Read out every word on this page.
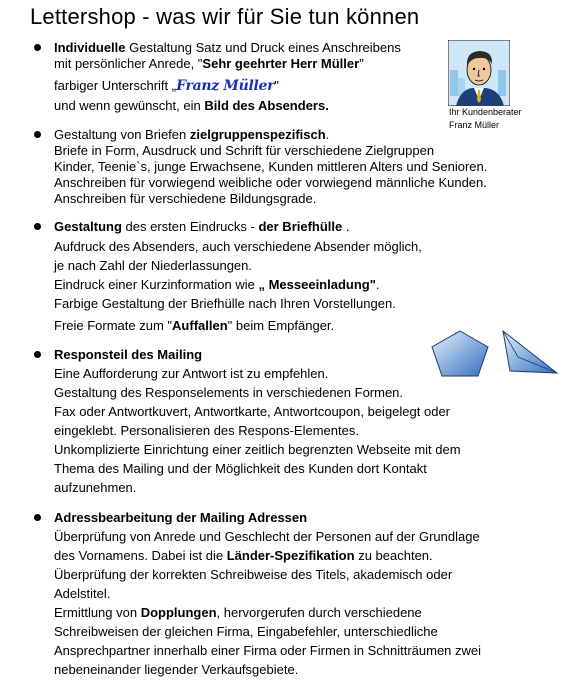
Lettershop - was wir für Sie tun können
Individuelle Gestaltung Satz und Druck eines Anschreibens
mit persönlicher Anrede, "Sehr geehrter Herr Müller"
farbiger Unterschrift „Franz Müller"
und wenn gewünscht, ein Bild des Absenders.	Ihr Kundenberater
Franz Müller
Gestaltung von Briefen zielgruppenspezifisch.
Briefe in Form, Ausdruck und Schrift für verschiedene Zielgruppen
Kinder, Teenie`s, junge Erwachsene, Kunden mittleren Alters und Senioren.
Anschreiben für vorwiegend weibliche oder vorwiegend männliche Kunden.
Anschreiben für verschiedene Bildungsgrade.
Gestaltung des ersten Eindrucks - der Briefhülle .
Aufdruck des Absenders, auch verschiedene Absender möglich,
je nach Zahl der Niederlassungen.
Eindruck einer Kurzinformation wie „ Messeeinladung".
Farbige Gestaltung der Briefhülle nach Ihren Vorstellungen.
Freie Formate zum "Auffallen" beim Empfänger.
Responsteil des Mailing
Eine Aufforderung zur Antwort ist zu empfehlen.
Gestaltung des Responselements in verschiedenen Formen.
Fax oder Antwortkuvert, Antwortkarte, Antwortcoupon, beigelegt oder
eingeklebt. Personalisieren des Respons-Elementes.
Unkomplizierte Einrichtung einer zeitlich begrenzten Webseite mit dem
Thema des Mailing und der Möglichkeit des Kunden dort Kontakt
aufzunehmen.
Adressbearbeitung der Mailing Adressen
Überprüfung von Anrede und Geschlecht der Personen auf der Grundlage
des Vornamens. Dabei ist die Länder-Spezifikation zu beachten.
Überprüfung der korrekten Schreibweise des Titels, akademisch oder
Adelstitel.
Ermittlung von Dopplungen, hervorgerufen durch verschiedene
Schreibweisen der gleichen Firma, Eingabefehler, unterschiedliche
Ansprechpartner innerhalb einer Firma oder Firmen in Schnitträumen zwei
nebeneinander liegender Verkaufsgebiete.
